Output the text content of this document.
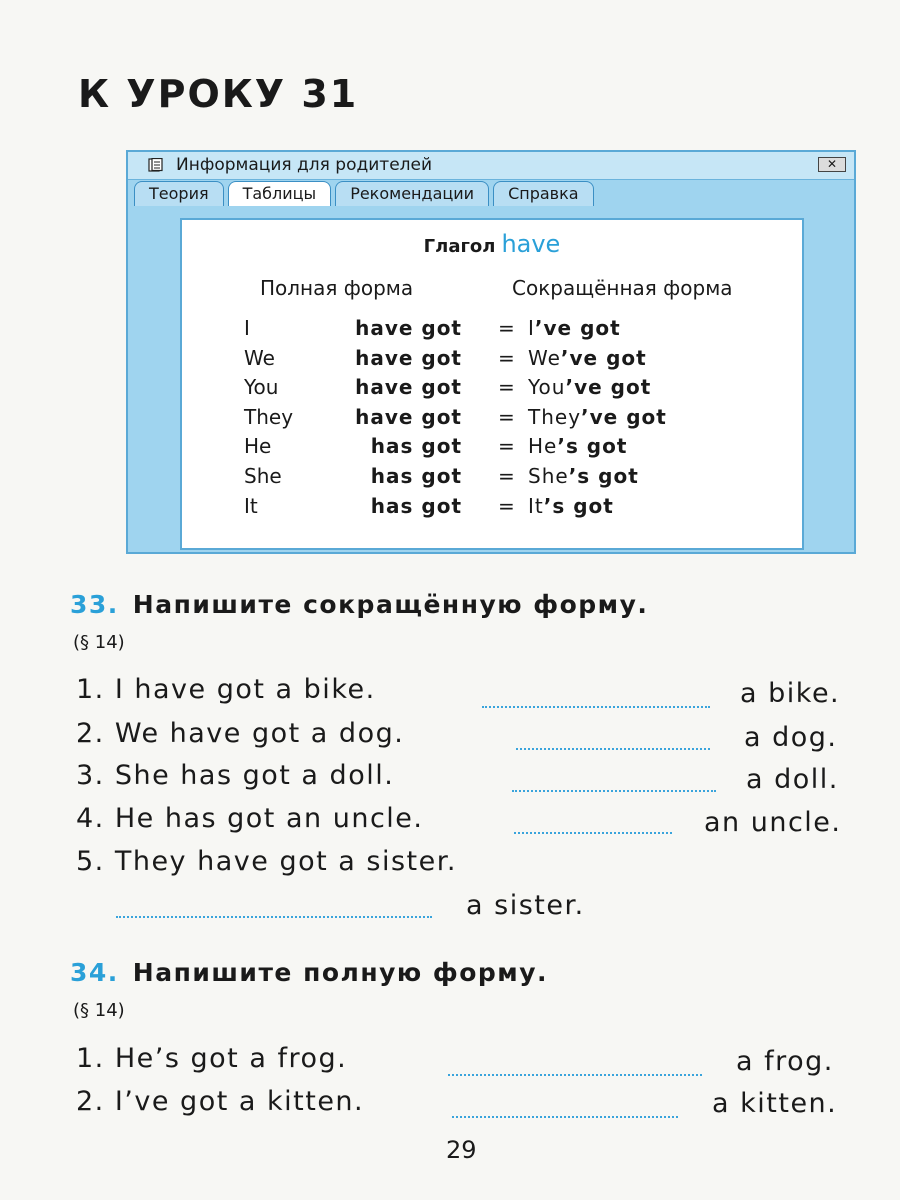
К УРОКУ 31
Информация для родителей	✕
Теория	Таблицы	Рекомендации	Справка
Глагол have
Полная форма	Сокращённая форма
I	have got = I’ve got
We	have got = We’ve got
You	have got = You’ve got
They	have got = They’ve got
He	has got = He’s got
She	has got = She’s got
It	has got = It’s got
33. Напишите сокращённую форму.
(§ 14)
1. I have got a bike.	a bike.
2. We have got a dog.	a dog.
3. She has got a doll.	a doll.
4. He has got an uncle.	an uncle.
5. They have got a sister.
a sister.
34. Напишите полную форму.
(§ 14)
1. He’s got a frog.	a frog.
2. I’ve got a kitten.	a kitten.
29
